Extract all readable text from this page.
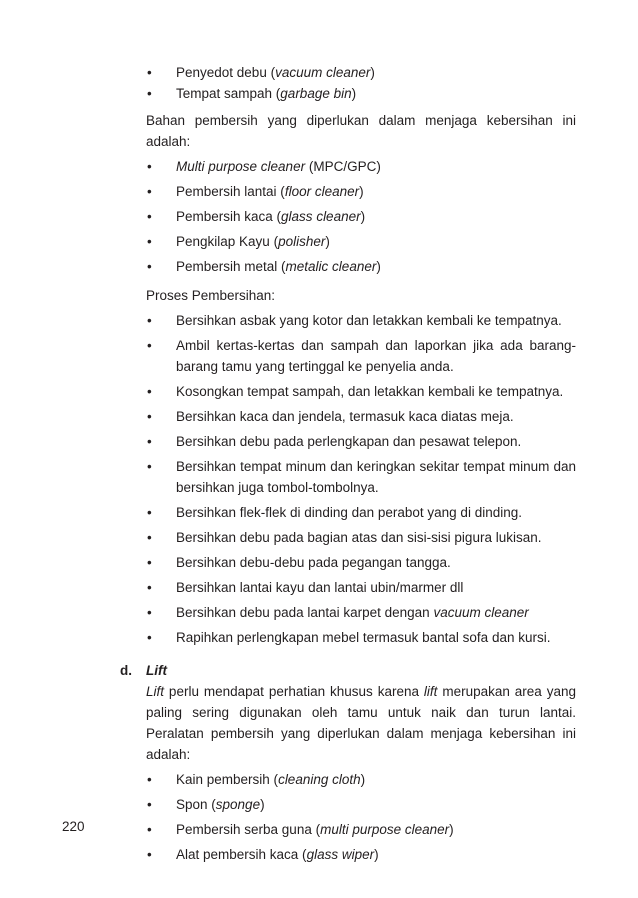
• Penyedot debu (vacuum cleaner)
• Tempat sampah (garbage bin)
Bahan pembersih yang diperlukan dalam menjaga kebersihan ini adalah:
• Multi purpose cleaner (MPC/GPC)
• Pembersih lantai (floor cleaner)
• Pembersih kaca (glass cleaner)
• Pengkilap Kayu (polisher)
• Pembersih metal (metalic cleaner)
Proses Pembersihan:
• Bersihkan asbak yang kotor dan letakkan kembali ke tempatnya.
• Ambil kertas-kertas dan sampah dan laporkan jika ada barang-barang tamu yang tertinggal ke penyelia anda.
• Kosongkan tempat sampah, dan letakkan kembali ke tempatnya.
• Bersihkan kaca dan jendela, termasuk kaca diatas meja.
• Bersihkan debu pada perlengkapan dan pesawat telepon.
• Bersihkan tempat minum dan keringkan sekitar tempat minum dan bersihkan juga tombol-tombolnya.
• Bersihkan flek-flek di dinding dan perabot yang di dinding.
• Bersihkan debu pada bagian atas dan sisi-sisi pigura lukisan.
• Bersihkan debu-debu pada pegangan tangga.
• Bersihkan lantai kayu dan lantai ubin/marmer dll
• Bersihkan debu pada lantai karpet dengan vacuum cleaner
• Rapihkan perlengkapan mebel termasuk bantal sofa dan kursi.
d. Lift
Lift perlu mendapat perhatian khusus karena lift merupakan area yang paling sering digunakan oleh tamu untuk naik dan turun lantai. Peralatan pembersih yang diperlukan dalam menjaga kebersihan ini adalah:
• Kain pembersih (cleaning cloth)
• Spon (sponge)
• Pembersih serba guna (multi purpose cleaner)
• Alat pembersih kaca (glass wiper)
220
